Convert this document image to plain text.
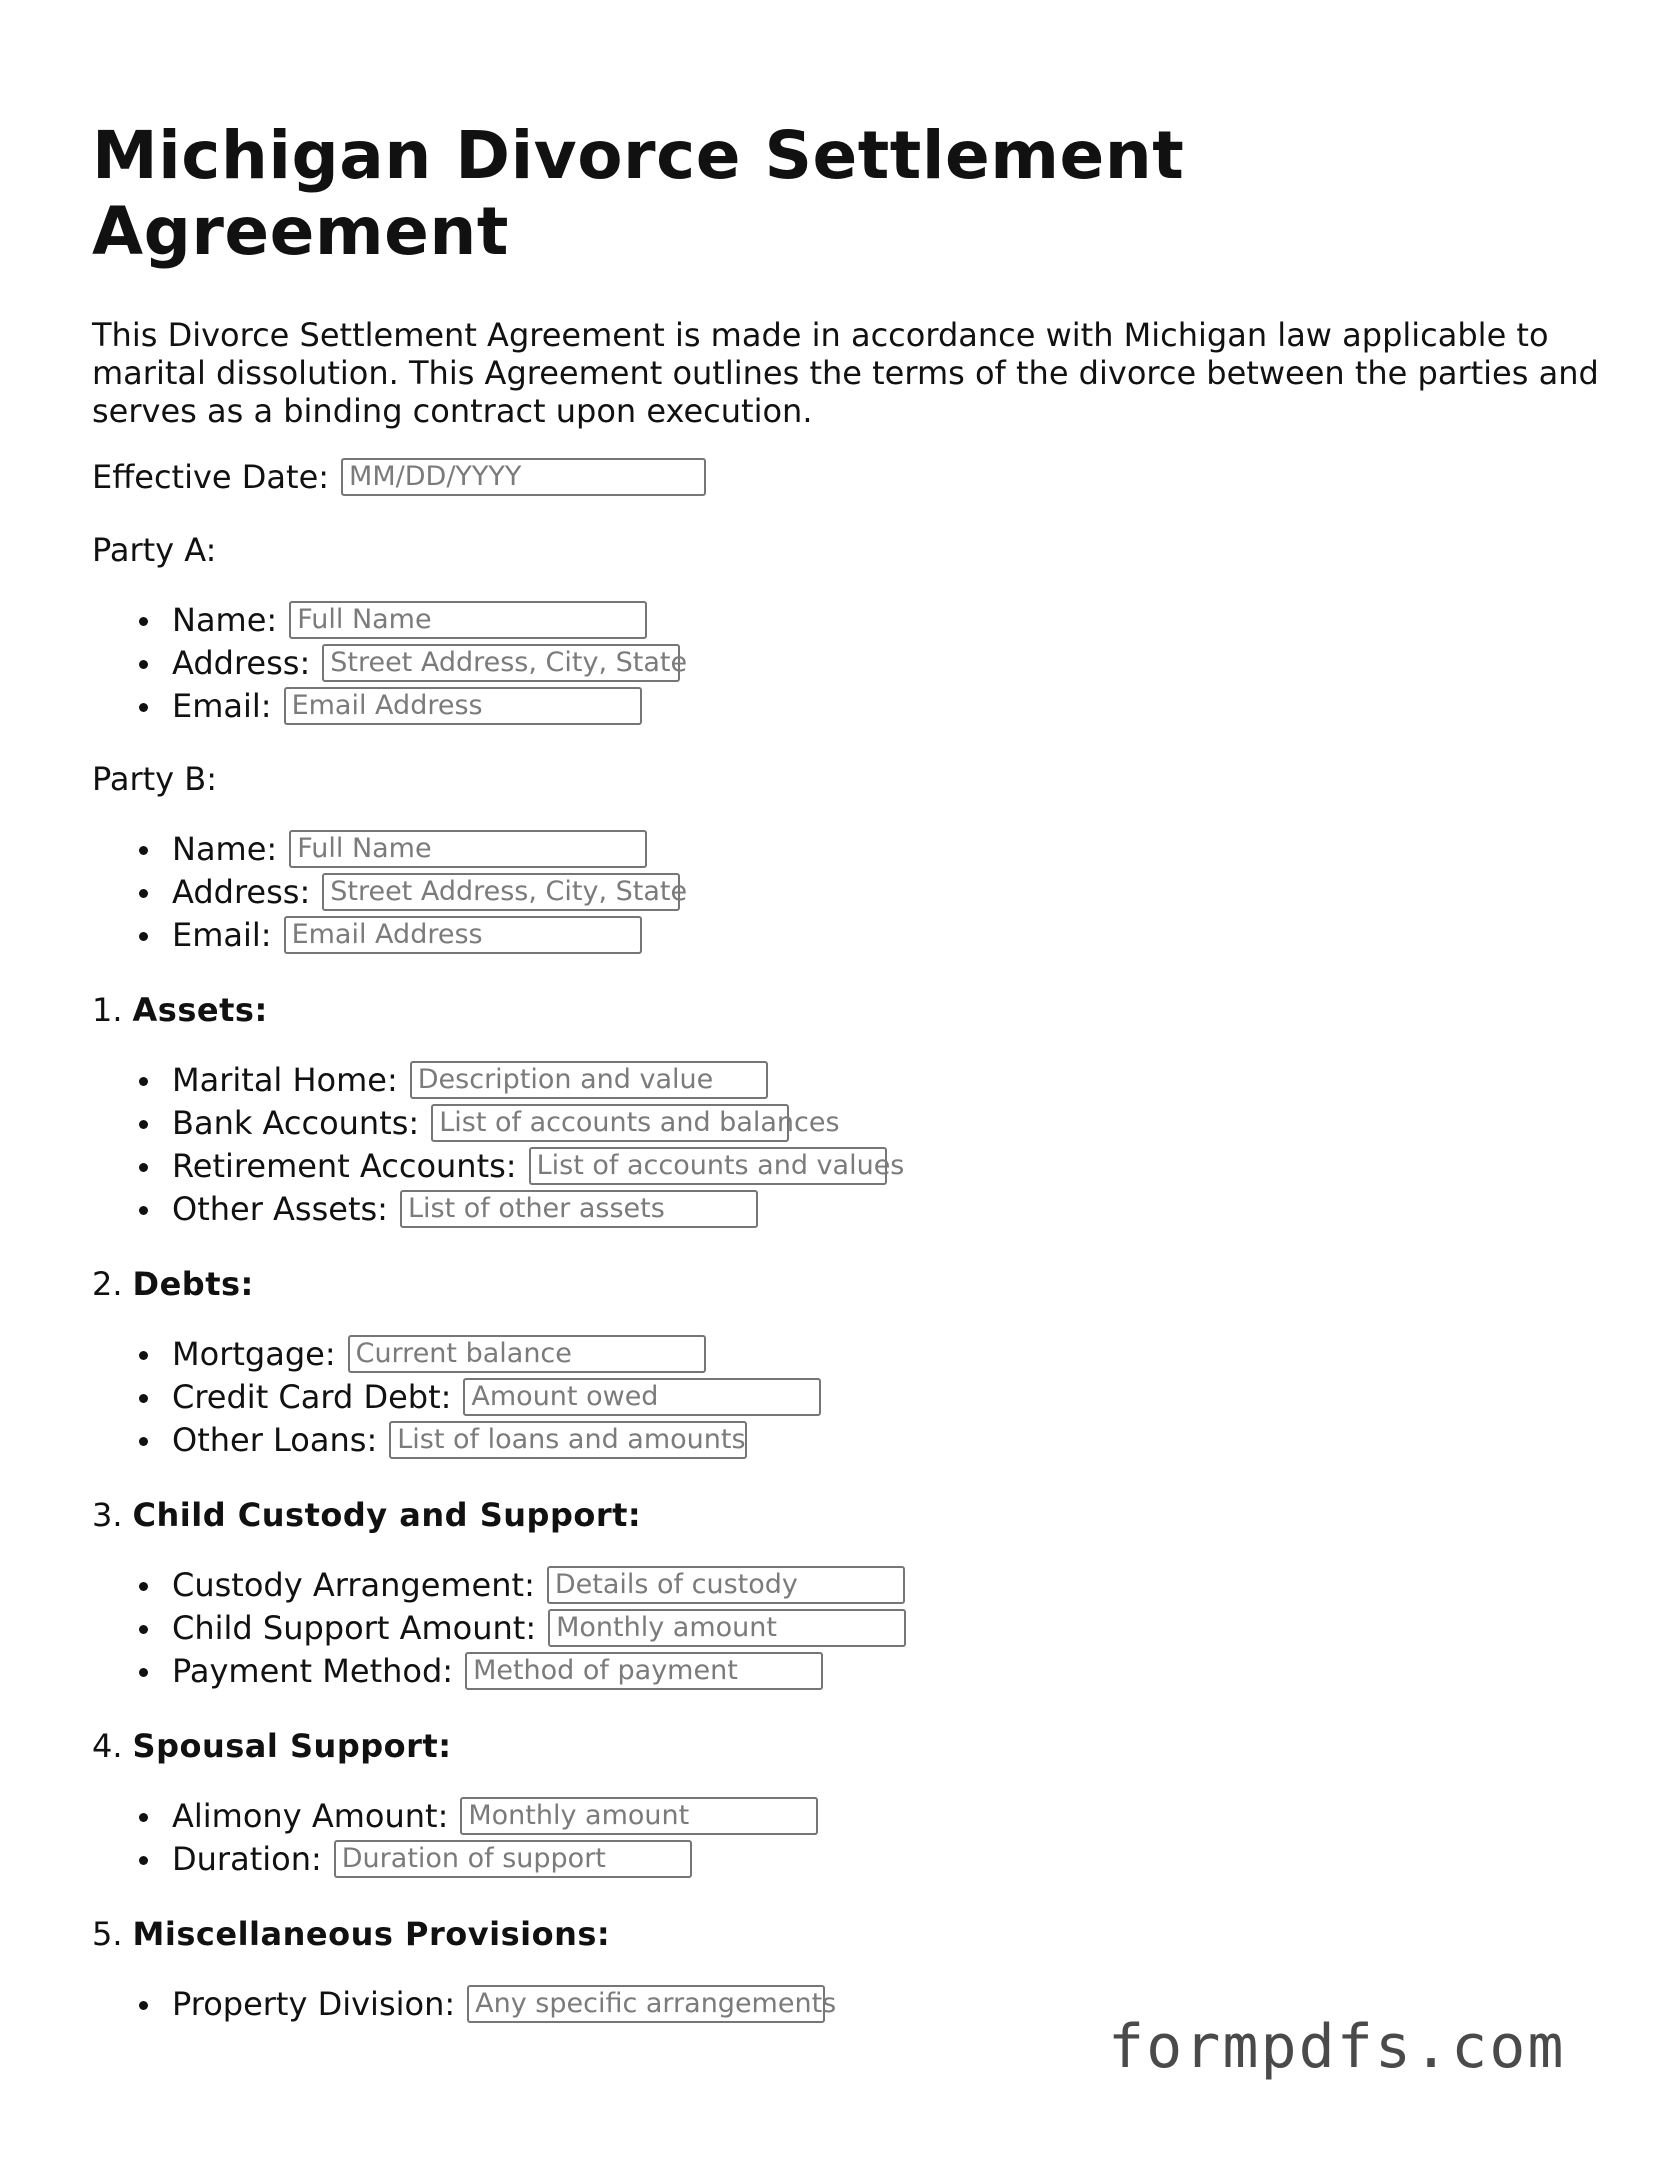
Michigan Divorce Settlement Agreement

This Divorce Settlement Agreement is made in accordance with Michigan law applicable to marital dissolution. This Agreement outlines the terms of the divorce between the parties and serves as a binding contract upon execution.

Effective Date: MM/DD/YYYY
Party A:
Name: Full Name
Address: Street Address, City, State
Email: Email Address
Party B:
Name: Full Name
Address: Street Address, City, State
Email: Email Address
1. Assets:
Marital Home: Description and value
Bank Accounts: List of accounts and balances
Retirement Accounts: List of accounts and values
Other Assets: List of other assets
2. Debts:
Mortgage: Current balance
Credit Card Debt: Amount owed
Other Loans: List of loans and amounts
3. Child Custody and Support:
Custody Arrangement: Details of custody
Child Support Amount: Monthly amount
Payment Method: Method of payment
4. Spousal Support:
Alimony Amount: Monthly amount
Duration: Duration of support
5. Miscellaneous Provisions:
Property Division: Any specific arrangements
formpdfs.com
